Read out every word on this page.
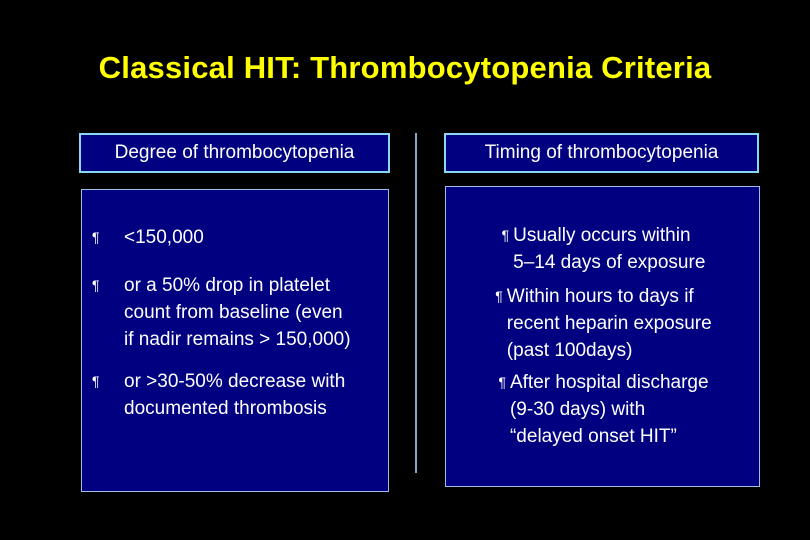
Classical HIT: Thrombocytopenia Criteria
Degree of thrombocytopenia	Timing of thrombocytopenia
¶	<150,000
¶	or a 50% drop in platelet
count from baseline (even
if nadir remains > 150,000)
¶	or >30-50% decrease with
documented thrombosis
¶ Usually occurs within
5–14 days of exposure
¶ Within hours to days if
recent heparin exposure
(past 100days)
¶ After hospital discharge
(9-30 days) with
“delayed onset HIT”
